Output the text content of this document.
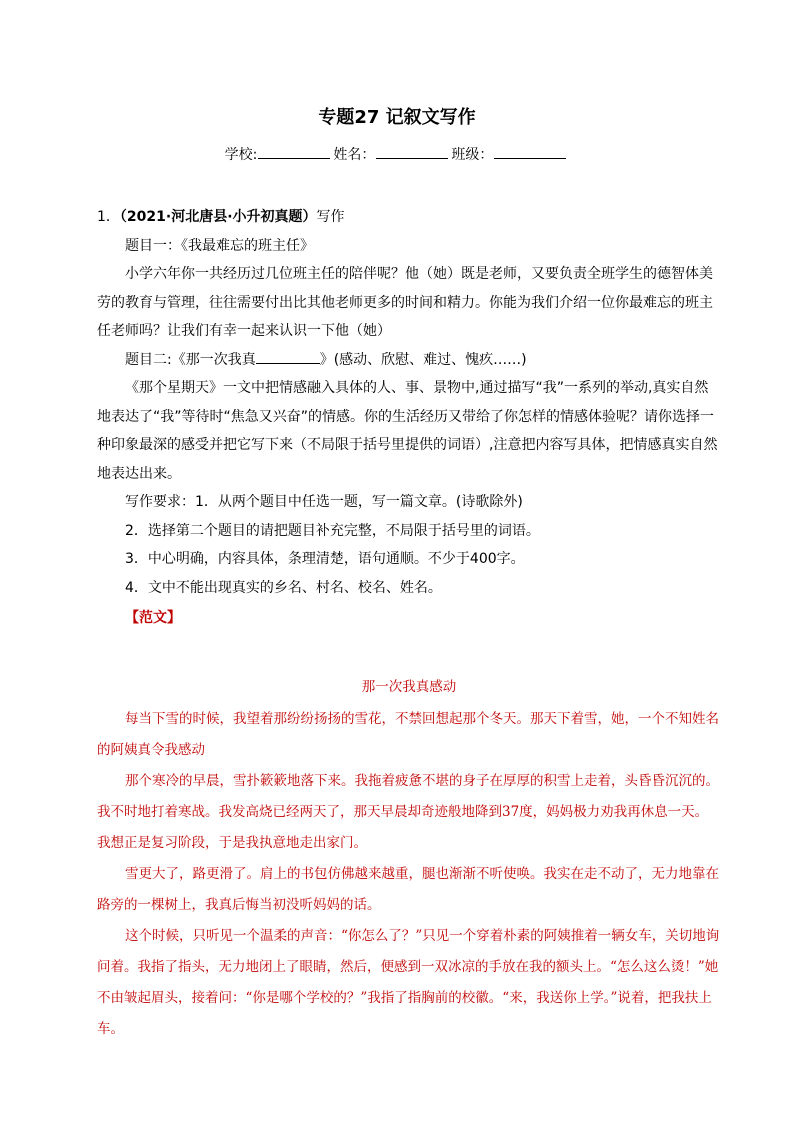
专题27 记叙文写作
学校:	姓名：	班级：

1．（2021·河北唐县·小升初真题）写作

题目一：《我最难忘的班主任》

小学六年你一共经历过几位班主任的陪伴呢？他（她）既是老师，又要负责全班学生的德智体美劳的教育与管理，往往需要付出比其他老师更多的时间和精力。你能为我们介绍一位你最难忘的班主任老师吗？让我们有幸一起来认识一下他（她）

题目二:《那一次我真	》(感动、欣慰、难过、愧疚……)

《那个星期天》一文中把情感融入具体的人、事、景物中,通过描写“我”一系列的举动,真实自然地表达了“我”等待时“焦急又兴奋”的情感。你的生活经历又带给了你怎样的情感体验呢？请你选择一种印象最深的感受并把它写下来（不局限于括号里提供的词语）,注意把内容写具体，把情感真实自然地表达出来。

写作要求：1．从两个题目中任选一题，写一篇文章。(诗歌除外)

2．选择第二个题目的请把题目补充完整，不局限于括号里的词语。

3．中心明确，内容具体，条理清楚，语句通顺。不少于400字。

4．文中不能出现真实的乡名、村名、校名、姓名。

【范文】

那一次我真感动

每当下雪的时候，我望着那纷纷扬扬的雪花，不禁回想起那个冬天。那天下着雪，她，一个不知姓名的阿姨真令我感动

那个寒冷的早晨，雪扑簌簌地落下来。我拖着疲惫不堪的身子在厚厚的积雪上走着，头昏昏沉沉的。我不时地打着寒战。我发高烧已经两天了，那天早晨却奇迹般地降到37度，妈妈极力劝我再休息一天。我想正是复习阶段，于是我执意地走出家门。

雪更大了，路更滑了。肩上的书包仿佛越来越重，腿也渐渐不听使唤。我实在走不动了，无力地靠在路旁的一棵树上，我真后悔当初没听妈妈的话。

这个时候，只听见一个温柔的声音：“你怎么了？”只见一个穿着朴素的阿姨推着一辆女车，关切地询问着。我指了指头，无力地闭上了眼睛，然后，便感到一双冰凉的手放在我的额头上。“怎么这么烫！”她不由皱起眉头，接着问：“你是哪个学校的？”我指了指胸前的校徽。“来，我送你上学。”说着，把我扶上车。
